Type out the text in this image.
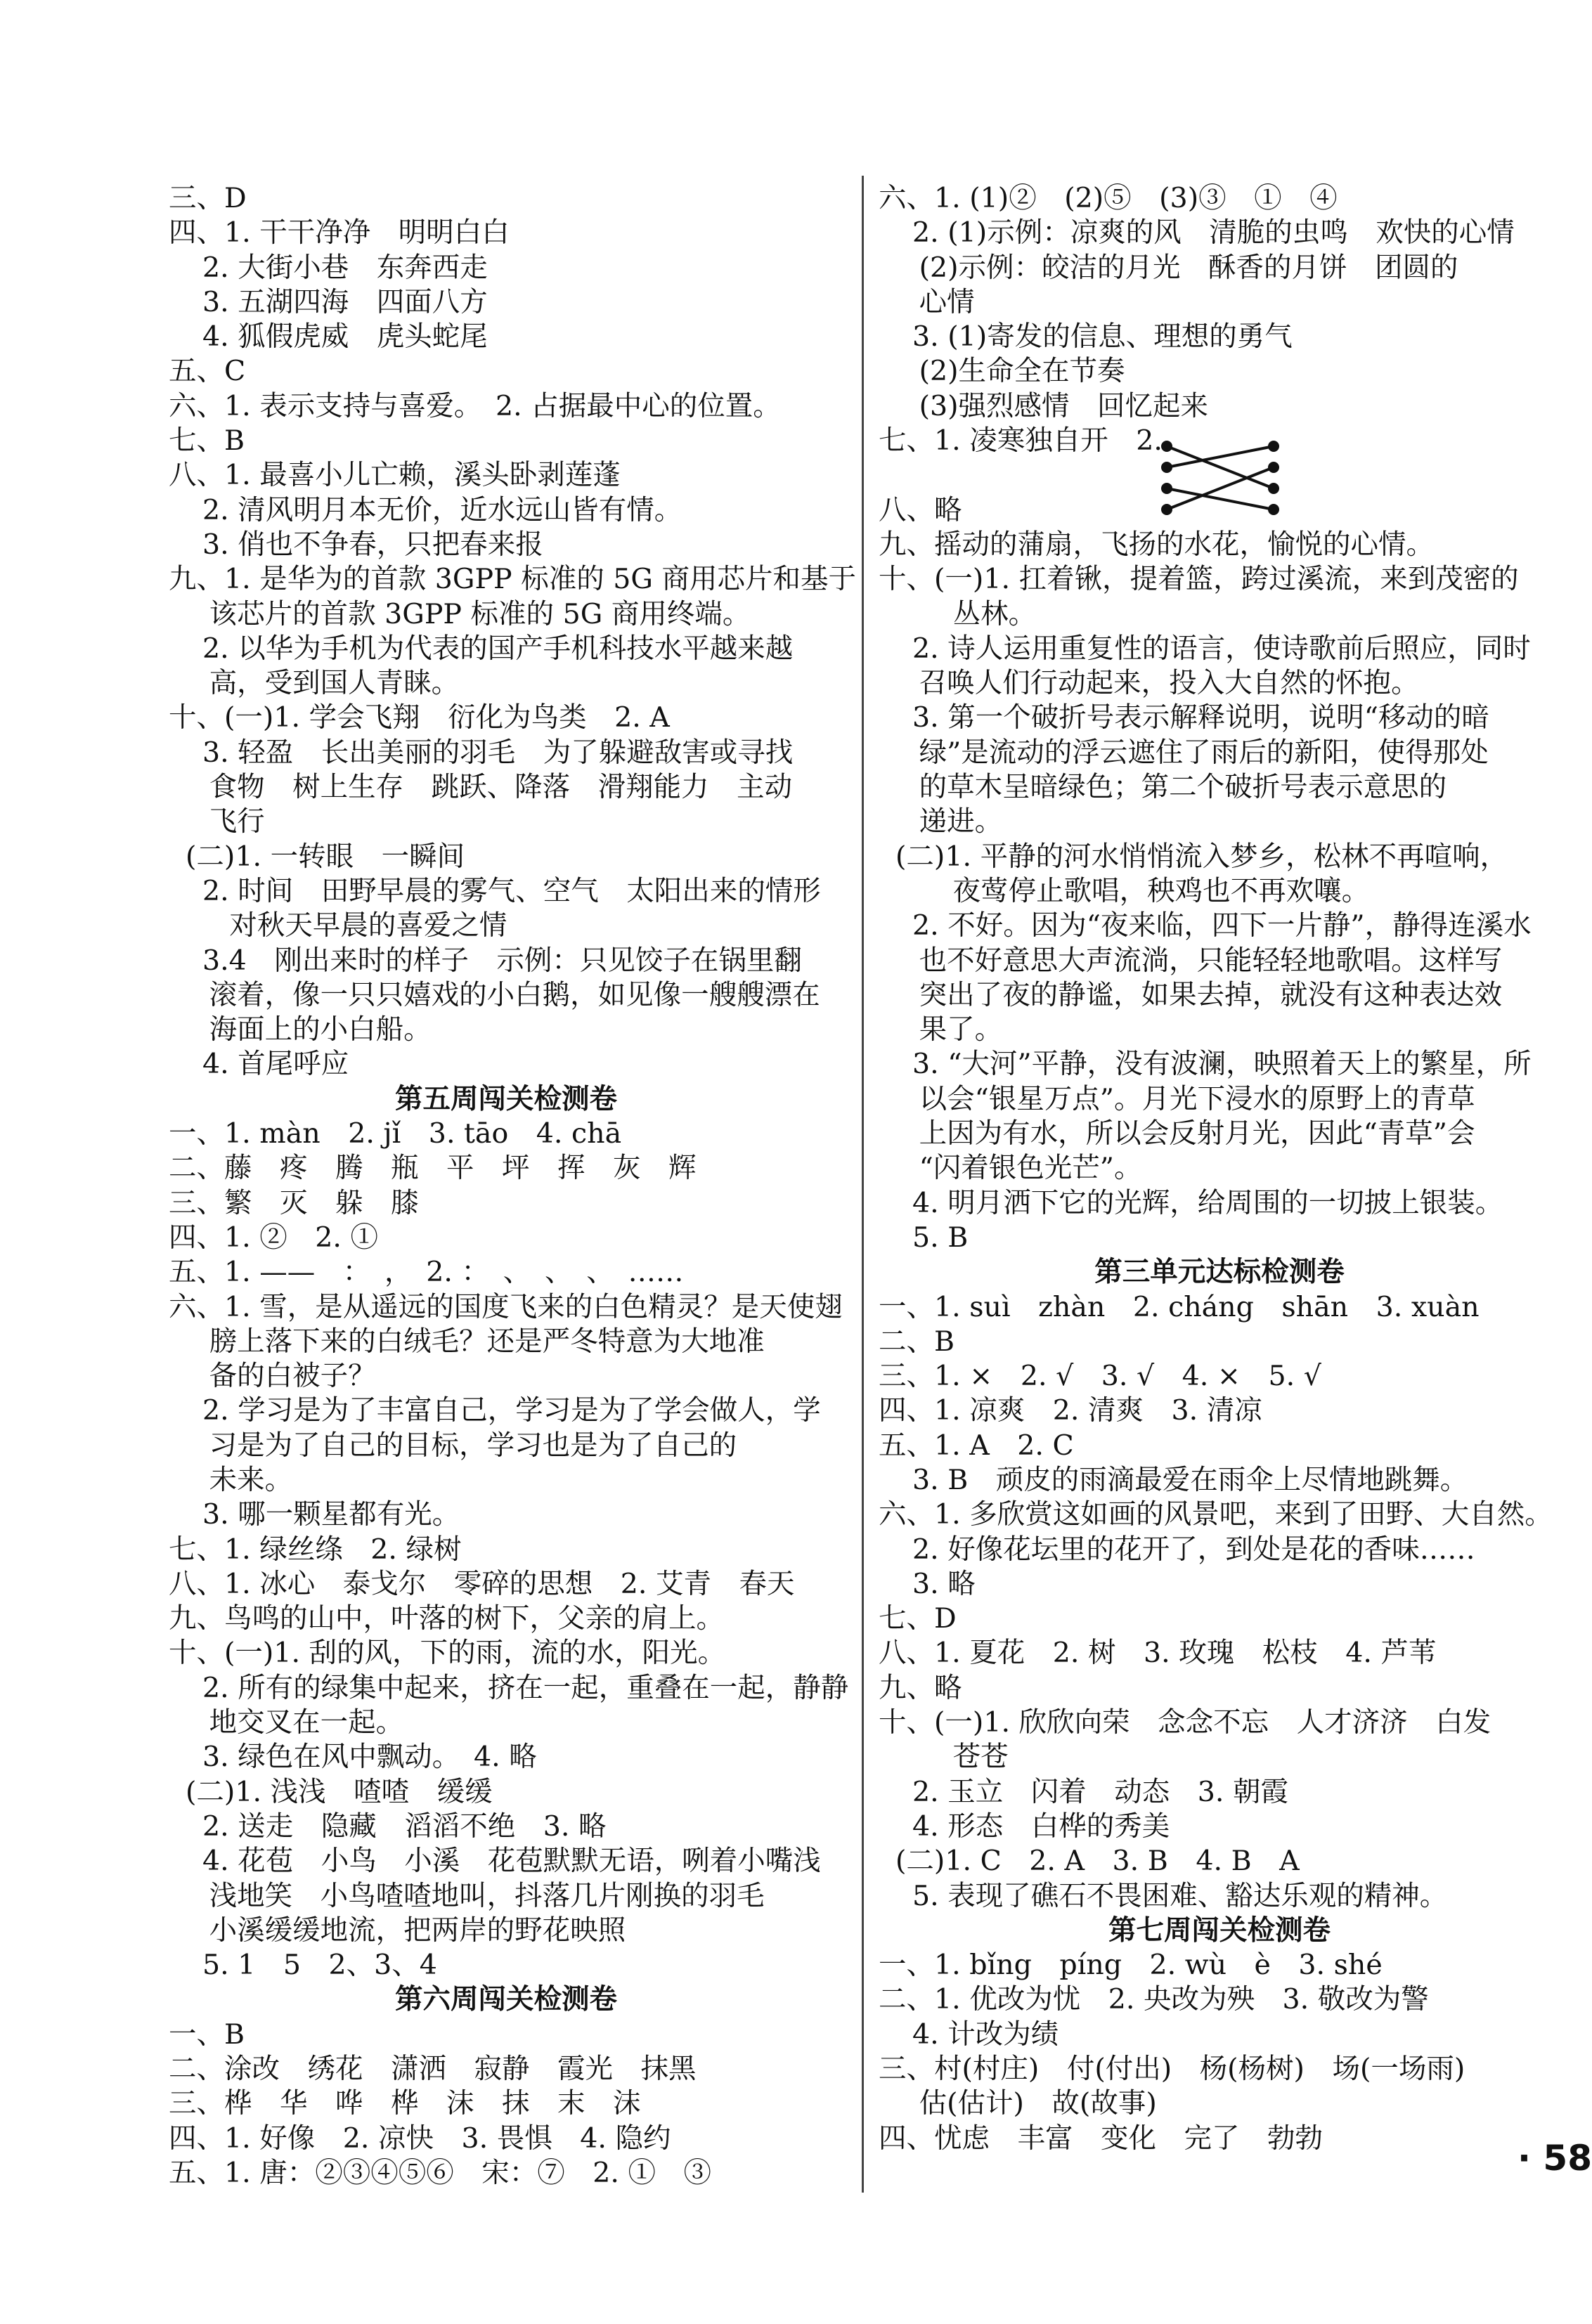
三、D
四、1. 干干净净　明明白白
2. 大街小巷　东奔西走
3. 五湖四海　四面八方
4. 狐假虎威　虎头蛇尾
五、C
六、1. 表示支持与喜爱。　2. 占据最中心的位置。
七、B
八、1. 最喜小儿亡赖，溪头卧剥莲蓬
2. 清风明月本无价，近水远山皆有情。
3. 俏也不争春，只把春来报
九、1. 是华为的首款 3GPP 标准的 5G 商用芯片和基于
该芯片的首款 3GPP 标准的 5G 商用终端。
2. 以华为手机为代表的国产手机科技水平越来越
高，受到国人青睐。
十、(一)1. 学会飞翔　衍化为鸟类　2. A
3. 轻盈　长出美丽的羽毛　为了躲避敌害或寻找
食物　树上生存　跳跃、降落　滑翔能力　主动
飞行
(二)1. 一转眼　一瞬间
2. 时间　田野早晨的雾气、空气　太阳出来的情形
对秋天早晨的喜爱之情
3.4　刚出来时的样子　示例：只见饺子在锅里翻
滚着，像一只只嬉戏的小白鹅，如见像一艘艘漂在
海面上的小白船。
4. 首尾呼应
第五周闯关检测卷
一、1. màn　2. jǐ　3. tāo　4. chā
二、藤　疼　腾　瓶　平　坪　挥　灰　辉
三、繁　灭　躲　膝
四、1. ②　2. ①
五、1. ——　：　，　2. ：　、　、　、　……
六、1. 雪，是从遥远的国度飞来的白色精灵？是天使翅
膀上落下来的白绒毛？还是严冬特意为大地准
备的白被子？
2. 学习是为了丰富自己，学习是为了学会做人，学
习是为了自己的目标，学习也是为了自己的
未来。
3. 哪一颗星都有光。
七、1. 绿丝绦　2. 绿树
八、1. 冰心　泰戈尔　零碎的思想　2. 艾青　春天
九、鸟鸣的山中，叶落的树下，父亲的肩上。
十、(一)1. 刮的风，下的雨，流的水，阳光。
2. 所有的绿集中起来，挤在一起，重叠在一起，静静
地交叉在一起。
3. 绿色在风中飘动。　4. 略
(二)1. 浅浅　喳喳　缓缓
2. 送走　隐藏　滔滔不绝　3. 略
4. 花苞　小鸟　小溪　花苞默默无语，咧着小嘴浅
浅地笑　小鸟喳喳地叫，抖落几片刚换的羽毛
小溪缓缓地流，把两岸的野花映照
5. 1　5　2、3、4
第六周闯关检测卷
一、B
二、涂改　绣花　潇洒　寂静　霞光　抹黑
三、桦　华　哗　桦　沫　抹　末　沫
四、1. 好像　2. 凉快　3. 畏惧　4. 隐约
五、1. 唐：②③④⑤⑥　宋：⑦　2. ①　③
六、1. (1)②　(2)⑤　(3)③　①　④
2. (1)示例：凉爽的风　清脆的虫鸣　欢快的心情
(2)示例：皎洁的月光　酥香的月饼　团圆的
心情
3. (1)寄发的信息、理想的勇气
(2)生命全在节奏
(3)强烈感情　回忆起来
七、1. 凌寒独自开　2.
八、略
九、摇动的蒲扇，飞扬的水花，愉悦的心情。
十、(一)1. 扛着锹，提着篮，跨过溪流，来到茂密的
丛林。
2. 诗人运用重复性的语言，使诗歌前后照应，同时
召唤人们行动起来，投入大自然的怀抱。
3. 第一个破折号表示解释说明，说明“移动的暗
绿”是流动的浮云遮住了雨后的新阳，使得那处
的草木呈暗绿色；第二个破折号表示意思的
递进。
(二)1. 平静的河水悄悄流入梦乡，松林不再喧响，
夜莺停止歌唱，秧鸡也不再欢嚷。
2. 不好。因为“夜来临，四下一片静”，静得连溪水
也不好意思大声流淌，只能轻轻地歌唱。这样写
突出了夜的静谧，如果去掉，就没有这种表达效
果了。
3. “大河”平静，没有波澜，映照着天上的繁星，所
以会“银星万点”。月光下浸水的原野上的青草
上因为有水，所以会反射月光，因此“青草”会
“闪着银色光芒”。
4. 明月洒下它的光辉，给周围的一切披上银装。
5. B
第三单元达标检测卷
一、1. suì　zhàn　2. cháng　shān　3. xuàn
二、B
三、1. ×　2. √　3. √　4. ×　5. √
四、1. 凉爽　2. 清爽　3. 清凉
五、1. A　2. C
3. B　顽皮的雨滴最爱在雨伞上尽情地跳舞。
六、1. 多欣赏这如画的风景吧，来到了田野、大自然。
2. 好像花坛里的花开了，到处是花的香味……
3. 略
七、D
八、1. 夏花　2. 树　3. 玫瑰　松枝　4. 芦苇
九、略
十、(一)1. 欣欣向荣　念念不忘　人才济济　白发
苍苍
2. 玉立　闪着　动态　3. 朝霞
4. 形态　白桦的秀美
(二)1. C　2. A　3. B　4. B　A
5. 表现了礁石不畏困难、豁达乐观的精神。
第七周闯关检测卷
一、1. bǐng　píng　2. wù　è　3. shé
二、1. 优改为忧　2. 央改为殃　3. 敬改为警
4. 计改为绩
三、村(村庄)　付(付出)　杨(杨树)　场(一场雨)
估(估计)　故(故事)
四、忧虑　丰富　变化　完了　勃勃	· 58
